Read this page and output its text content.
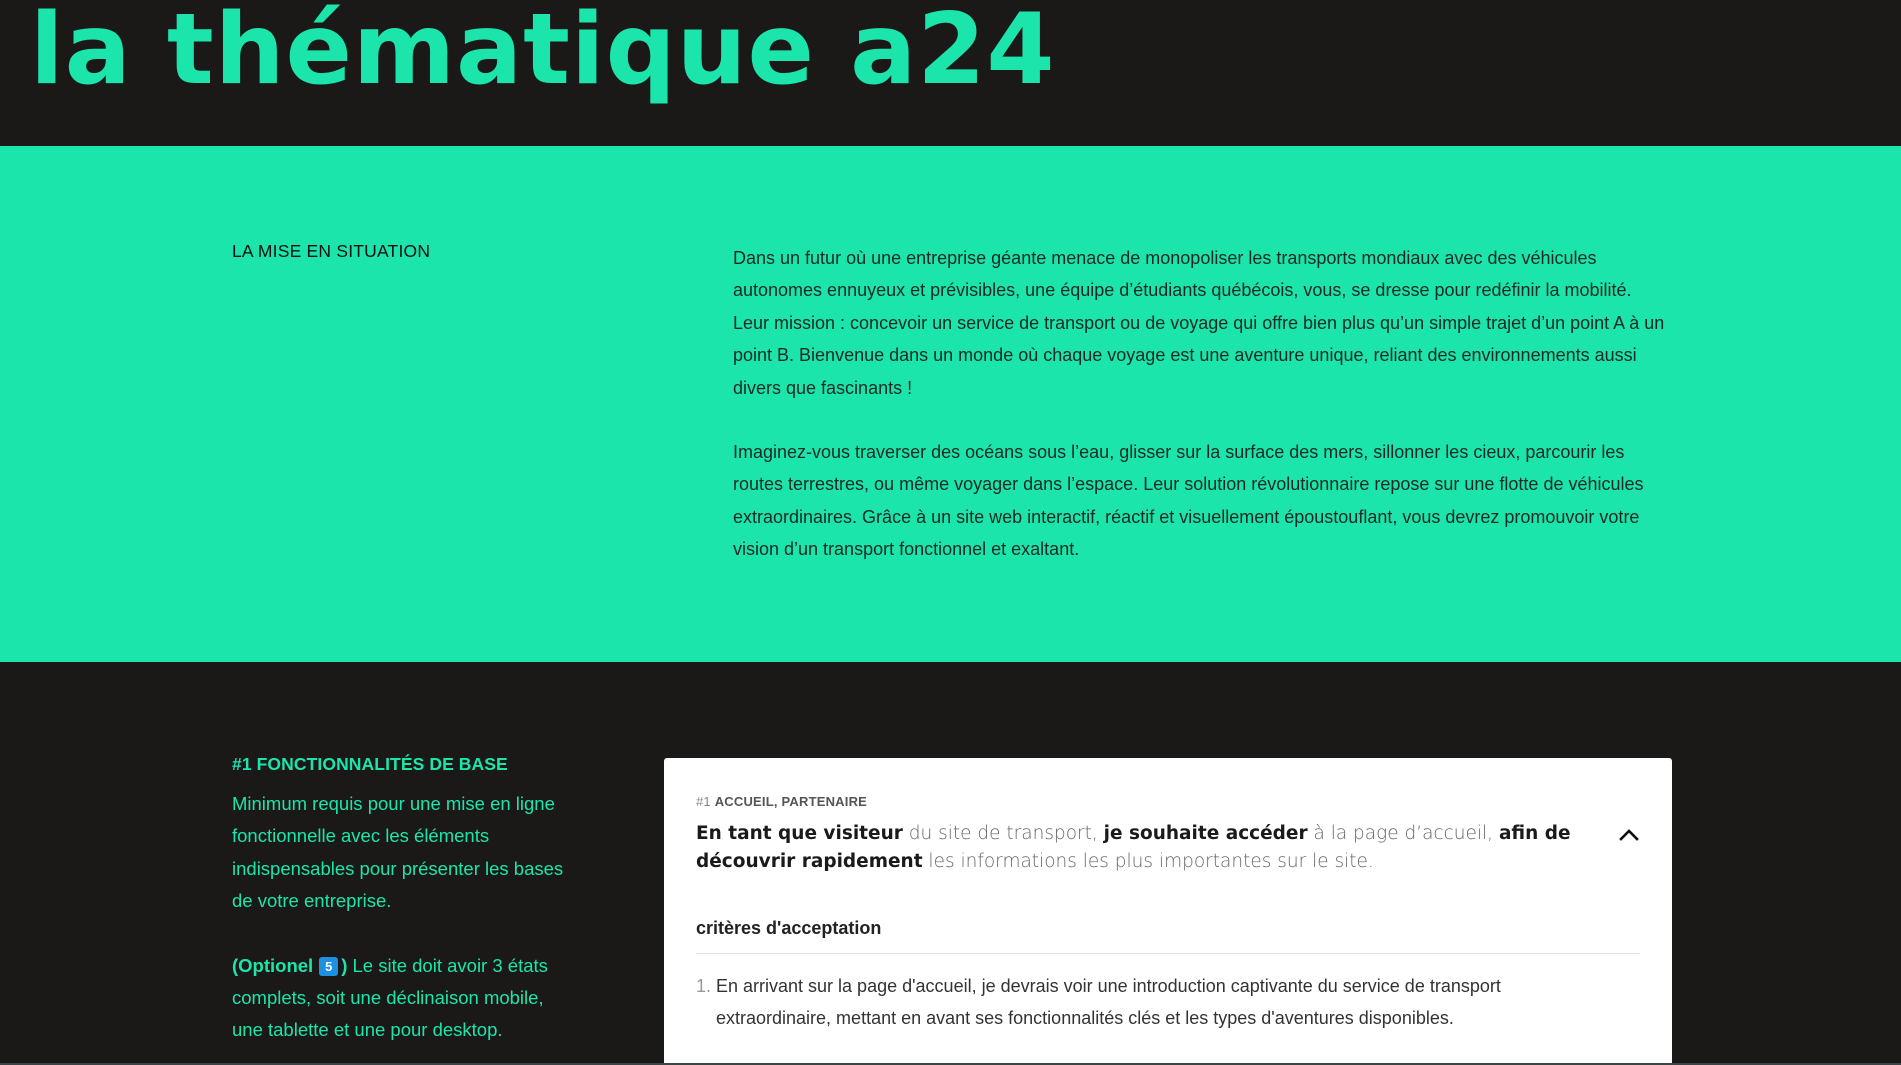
la thématique a24
LA MISE EN SITUATION	Dans un futur où une entreprise géante menace de monopoliser les transports mondiaux avec des véhicules autonomes ennuyeux et prévisibles, une équipe d’étudiants québécois, vous, se dresse pour redéfinir la mobilité. Leur mission : concevoir un service de transport ou de voyage qui offre bien plus qu’un simple trajet d’un point A à un point B. Bienvenue dans un monde où chaque voyage est une aventure unique, reliant des environnements aussi divers que fascinants !

Imaginez-vous traverser des océans sous l’eau, glisser sur la surface des mers, sillonner les cieux, parcourir les routes terrestres, ou même voyager dans l’espace. Leur solution révolutionnaire repose sur une flotte de véhicules extraordinaires. Grâce à un site web interactif, réactif et visuellement époustouflant, vous devrez promouvoir votre vision d’un transport fonctionnel et exaltant.

#1 FONCTIONNALITÉS DE BASE

Minimum requis pour une mise en ligne fonctionnelle avec les éléments indispensables pour présenter les bases de votre entreprise.

(Optionel 5 ) Le site doit avoir 3 états complets, soit une déclinaison mobile, une tablette et une pour desktop.

#1 ACCUEIL, PARTENAIRE

En tant que visiteur du site de transport, je souhaite accéder à la page d’accueil, afin de découvrir rapidement les informations les plus importantes sur le site.

critères d'acceptation
1. En arrivant sur la page d'accueil, je devrais voir une introduction captivante du service de transport extraordinaire, mettant en avant ses fonctionnalités clés et les types d'aventures disponibles.
